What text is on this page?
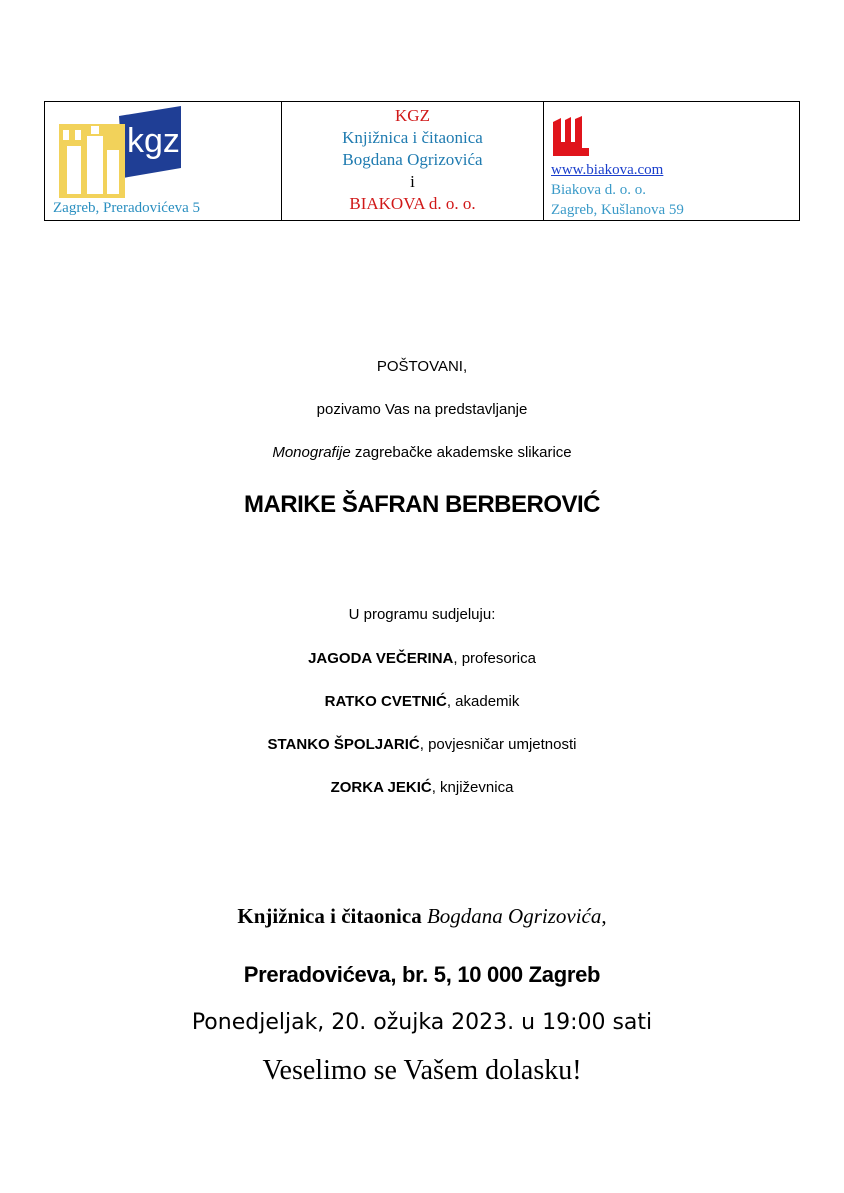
kgz
Zagreb, Preradovićeva 5
KGZ
Knjižnica i čitaonica
Bogdana Ogrizovića
i
BIAKOVA d. o. o.
www.biakova.com
Biakova d. o. o.
Zagreb, Kušlanova 59
POŠTOVANI,
pozivamo Vas na predstavljanje
Monografije zagrebačke akademske slikarice
MARIKE ŠAFRAN BERBEROVIĆ
U programu sudjeluju:
JAGODA VEČERINA, profesorica
RATKO CVETNIĆ, akademik
STANKO ŠPOLJARIĆ, povjesničar umjetnosti
ZORKA JEKIĆ, književnica
Knjižnica i čitaonica Bogdana Ogrizovića,
Preradovićeva, br. 5, 10 000 Zagreb
Ponedjeljak, 20. ožujka 2023. u 19:00 sati
Veselimo se Vašem dolasku!
